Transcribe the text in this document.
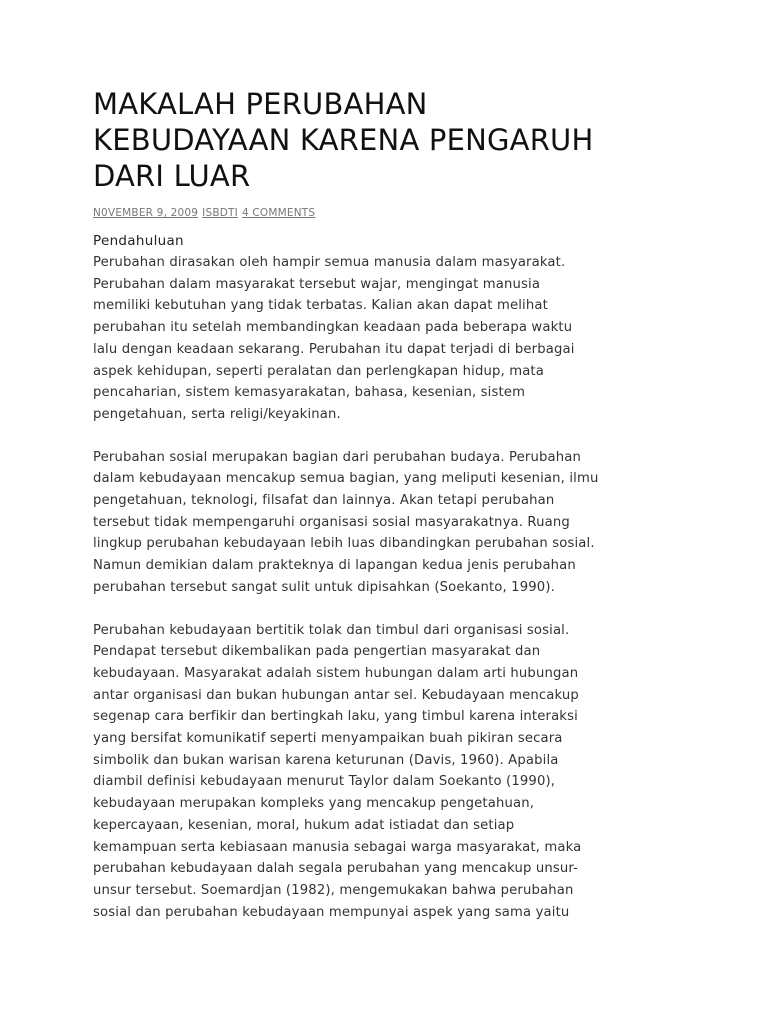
MAKALAH PERUBAHAN
KEBUDAYAAN KARENA PENGARUH
DARI LUAR
N0VEMBER 9, 2009 ISBDTI 4 COMMENTS
Pendahuluan

Perubahan dirasakan oleh hampir semua manusia dalam masyarakat.
Perubahan dalam masyarakat tersebut wajar, mengingat manusia
memiliki kebutuhan yang tidak terbatas. Kalian akan dapat melihat
perubahan itu setelah membandingkan keadaan pada beberapa waktu
lalu dengan keadaan sekarang. Perubahan itu dapat terjadi di berbagai
aspek kehidupan, seperti peralatan dan perlengkapan hidup, mata
pencaharian, sistem kemasyarakatan, bahasa, kesenian, sistem
pengetahuan, serta religi/keyakinan.

Perubahan sosial merupakan bagian dari perubahan budaya. Perubahan
dalam kebudayaan mencakup semua bagian, yang meliputi kesenian, ilmu
pengetahuan, teknologi, filsafat dan lainnya. Akan tetapi perubahan
tersebut tidak mempengaruhi organisasi sosial masyarakatnya. Ruang
lingkup perubahan kebudayaan lebih luas dibandingkan perubahan sosial.
Namun demikian dalam prakteknya di lapangan kedua jenis perubahan
perubahan tersebut sangat sulit untuk dipisahkan (Soekanto, 1990).

Perubahan kebudayaan bertitik tolak dan timbul dari organisasi sosial.
Pendapat tersebut dikembalikan pada pengertian masyarakat dan
kebudayaan. Masyarakat adalah sistem hubungan dalam arti hubungan
antar organisasi dan bukan hubungan antar sel. Kebudayaan mencakup
segenap cara berfikir dan bertingkah laku, yang timbul karena interaksi
yang bersifat komunikatif seperti menyampaikan buah pikiran secara
simbolik dan bukan warisan karena keturunan (Davis, 1960). Apabila
diambil definisi kebudayaan menurut Taylor dalam Soekanto (1990),
kebudayaan merupakan kompleks yang mencakup pengetahuan,
kepercayaan, kesenian, moral, hukum adat istiadat dan setiap
kemampuan serta kebiasaan manusia sebagai warga masyarakat, maka
perubahan kebudayaan dalah segala perubahan yang mencakup unsur-
unsur tersebut. Soemardjan (1982), mengemukakan bahwa perubahan
sosial dan perubahan kebudayaan mempunyai aspek yang sama yaitu
